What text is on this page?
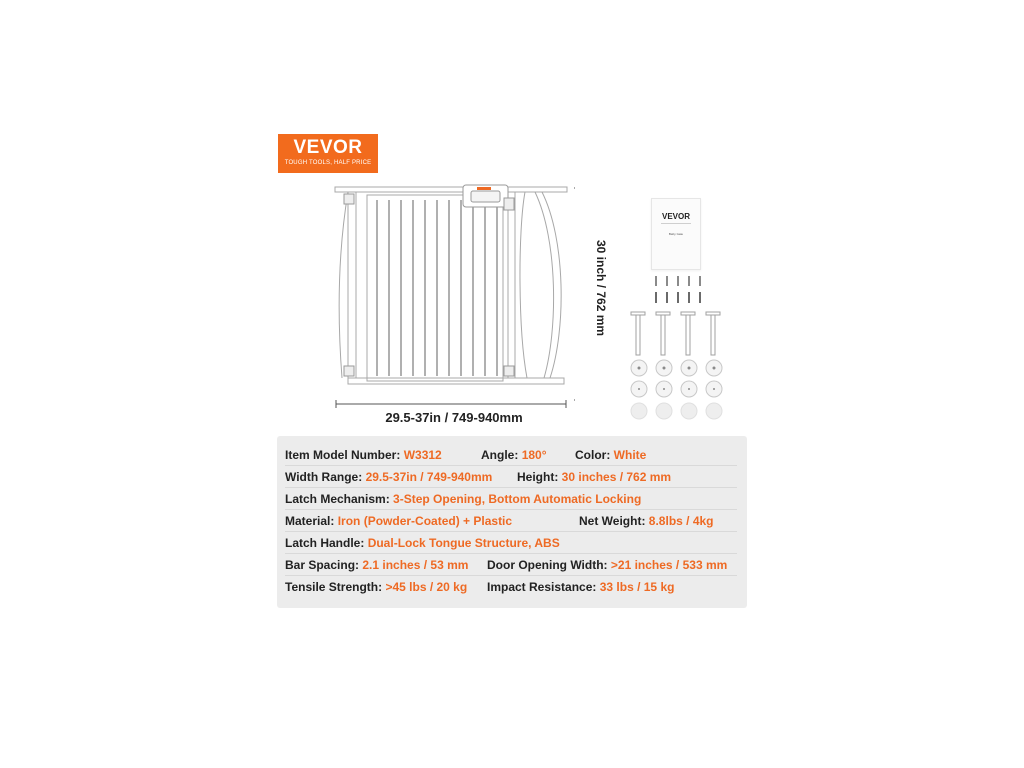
VEVOR
TOUGH TOOLS, HALF PRICE
30 inch / 762 mm
29.5-37in / 749-940mm
VEVOR
Baby Gate
Item Model Number: W3312	Angle: 180° Color: White
Width Range: 29.5-37in / 749-940mm Height: 30 inches / 762 mm
Latch Mechanism: 3-Step Opening, Bottom Automatic Locking
Material: Iron (Powder-Coated) + Plastic	Net Weight: 8.8lbs / 4kg
Latch Handle: Dual-Lock Tongue Structure, ABS
Bar Spacing: 2.1 inches / 53 mm Door Opening Width: >21 inches / 533 mm
Tensile Strength: >45 lbs / 20 kg Impact Resistance: 33 lbs / 15 kg
